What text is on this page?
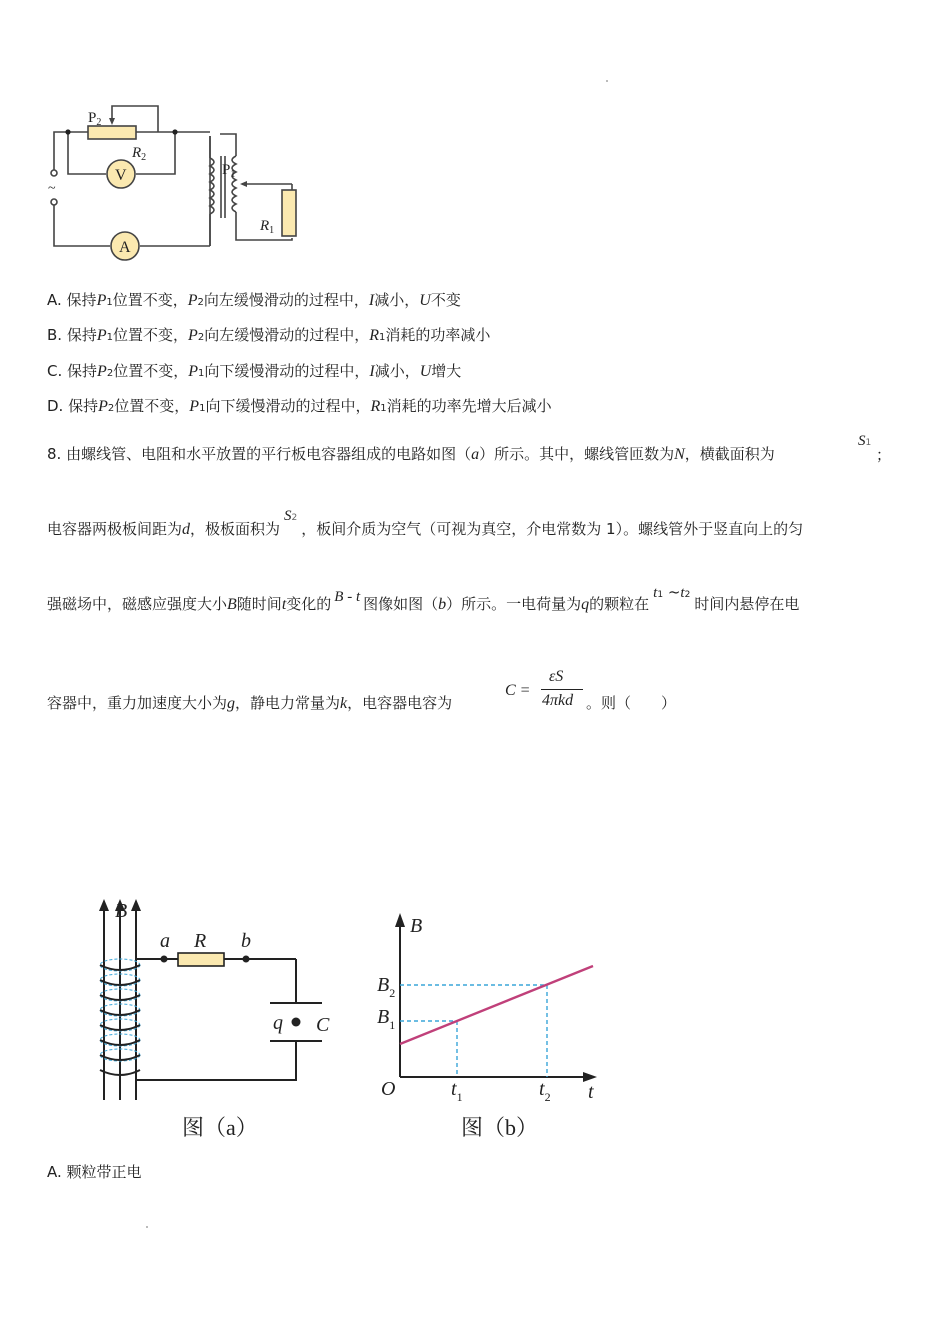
$P_2$
$R_2$
V
A
$P_1$
$R_1$
~
A. 保持P1位置不变，P2向左缓慢滑动的过程中，I减小，U不变
B. 保持P1位置不变，P2向左缓慢滑动的过程中，R1消耗的功率减小
C. 保持P2位置不变，P1向下缓慢滑动的过程中，I减小，U增大
D. 保持P2位置不变，P1向下缓慢滑动的过程中，R1消耗的功率先增大后减小
8. 由螺线管、电阻和水平放置的平行板电容器组成的电路如图（a）所示。其中，螺线管匝数为N，横截面积为
S1
；
电容器两极板间距为d，极板面积为S2，板间介质为空气（可视为真空，介电常数为 1）。螺线管外于竖直向上的匀
强磁场中，磁感应强度大小B随时间t变化的 B - t 图像如图（b）所示。一电荷量为q的颗粒在t1 ~t2 时间内悬停在电
容器中，重力加速度大小为g，静电力常量为k，电容器电容为
C =
εS
4πkd 。则（　　）
B
a R b
q C
图（a）
B
t
O
$B_2$
$B_1$
$t_1$	$t_2$
图（b）
A. 颗粒带正电
